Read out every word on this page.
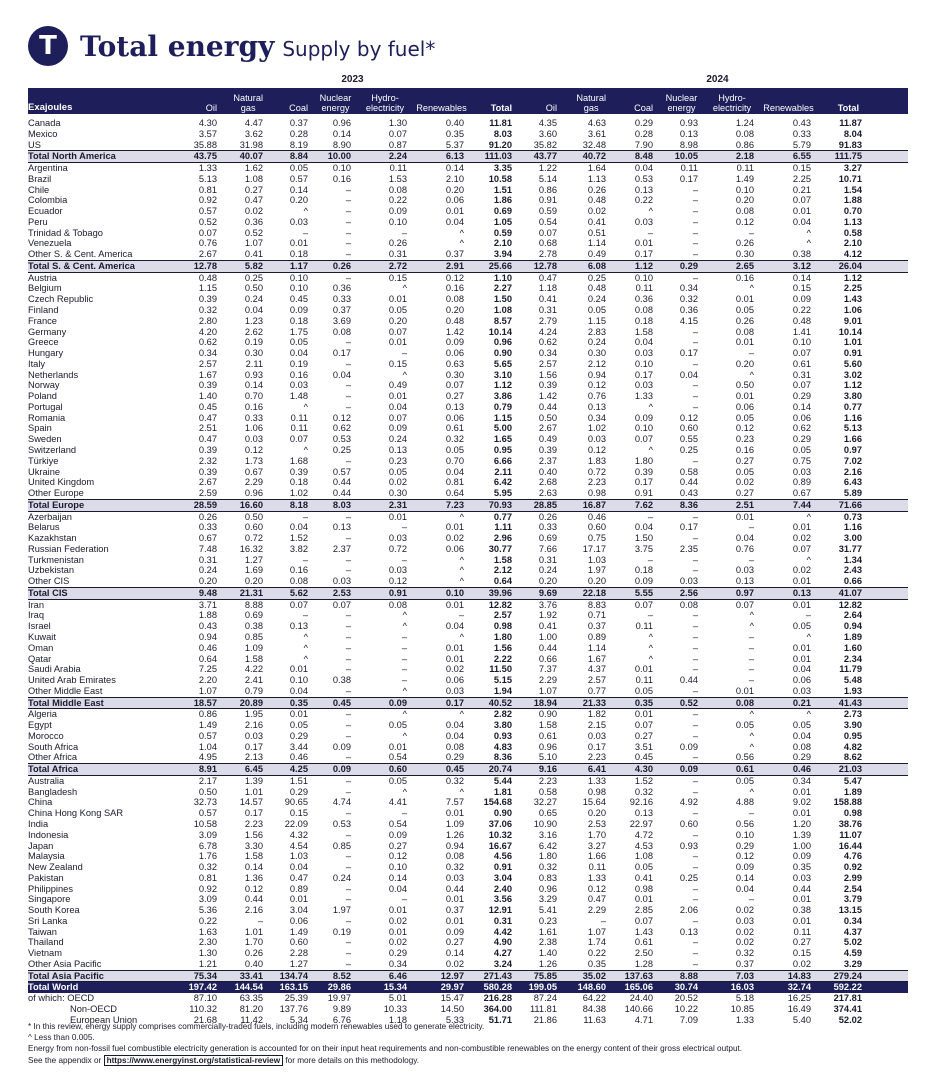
T Total energy Supply by fuel*
2023	2024
Exajoules	Oil
Natural
gas	Coal
Nuclear
energy
Hydro-
electricity	Renewables	Total	Oil
Natural
gas	Coal
Nuclear
energy
Hydro-
electricity	Renewables	Total
Canada	4.30	4.47	0.37	0.96	1.30	0.40	11.81	4.35	4.63	0.29	0.93	1.24	0.43	11.87
Mexico	3.57	3.62	0.28	0.14	0.07	0.35	8.03	3.60	3.61	0.28	0.13	0.08	0.33	8.04
US	35.88	31.98	8.19	8.90	0.87	5.37	91.20	35.82	32.48	7.90	8.98	0.86	5.79	91.83
Total North America	43.75	40.07	8.84	10.00	2.24	6.13	111.03	43.77	40.72	8.48	10.05	2.18	6.55	111.75
Argentina	1.33	1.62	0.05	0.10	0.11	0.14	3.35	1.22	1.64	0.04	0.11	0.11	0.15	3.27
Brazil	5.13	1.08	0.57	0.16	1.53	2.10	10.58	5.14	1.13	0.53	0.17	1.49	2.25	10.71
Chile	0.81	0.27	0.14	–	0.08	0.20	1.51	0.86	0.26	0.13	–	0.10	0.21	1.54
Colombia	0.92	0.47	0.20	–	0.22	0.06	1.86	0.91	0.48	0.22	–	0.20	0.07	1.88
Ecuador	0.57	0.02	^	–	0.09	0.01	0.69	0.59	0.02	^	–	0.08	0.01	0.70
Peru	0.52	0.36	0.03	–	0.10	0.04	1.05	0.54	0.41	0.03	–	0.12	0.04	1.13
Trinidad & Tobago	0.07	0.52	–	–	–	^	0.59	0.07	0.51	–	–	–	^	0.58
Venezuela	0.76	1.07	0.01	–	0.26	^	2.10	0.68	1.14	0.01	–	0.26	^	2.10
Other S. & Cent. America	2.67	0.41	0.18	–	0.31	0.37	3.94	2.78	0.49	0.17	–	0.30	0.38	4.12
Total S. & Cent. America	12.78	5.82	1.17	0.26	2.72	2.91	25.66	12.78	6.08	1.12	0.29	2.65	3.12	26.04
Austria	0.48	0.25	0.10	–	0.15	0.12	1.10	0.47	0.25	0.10	–	0.16	0.14	1.12
Belgium	1.15	0.50	0.10	0.36	^	0.16	2.27	1.18	0.48	0.11	0.34	^	0.15	2.25
Czech Republic	0.39	0.24	0.45	0.33	0.01	0.08	1.50	0.41	0.24	0.36	0.32	0.01	0.09	1.43
Finland	0.32	0.04	0.09	0.37	0.05	0.20	1.08	0.31	0.05	0.08	0.36	0.05	0.22	1.06
France	2.80	1.23	0.18	3.69	0.20	0.48	8.57	2.79	1.15	0.18	4.15	0.26	0.48	9.01
Germany	4.20	2.62	1.75	0.08	0.07	1.42	10.14	4.24	2.83	1.58	–	0.08	1.41	10.14
Greece	0.62	0.19	0.05	–	0.01	0.09	0.96	0.62	0.24	0.04	–	0.01	0.10	1.01
Hungary	0.34	0.30	0.04	0.17	–	0.06	0.90	0.34	0.30	0.03	0.17	–	0.07	0.91
Italy	2.57	2.11	0.19	–	0.15	0.63	5.65	2.57	2.12	0.10	–	0.20	0.61	5.60
Netherlands	1.67	0.93	0.16	0.04	^	0.30	3.10	1.56	0.94	0.17	0.04	^	0.31	3.02
Norway	0.39	0.14	0.03	–	0.49	0.07	1.12	0.39	0.12	0.03	–	0.50	0.07	1.12
Poland	1.40	0.70	1.48	–	0.01	0.27	3.86	1.42	0.76	1.33	–	0.01	0.29	3.80
Portugal	0.45	0.16	^	–	0.04	0.13	0.79	0.44	0.13	^	–	0.06	0.14	0.77
Romania	0.47	0.33	0.11	0.12	0.07	0.06	1.15	0.50	0.34	0.09	0.12	0.05	0.06	1.16
Spain	2.51	1.06	0.11	0.62	0.09	0.61	5.00	2.67	1.02	0.10	0.60	0.12	0.62	5.13
Sweden	0.47	0.03	0.07	0.53	0.24	0.32	1.65	0.49	0.03	0.07	0.55	0.23	0.29	1.66
Switzerland	0.39	0.12	^	0.25	0.13	0.05	0.95	0.39	0.12	^	0.25	0.16	0.05	0.97
Türkiye	2.32	1.73	1.68	–	0.23	0.70	6.66	2.37	1.83	1.80	–	0.27	0.75	7.02
Ukraine	0.39	0.67	0.39	0.57	0.05	0.04	2.11	0.40	0.72	0.39	0.58	0.05	0.03	2.16
United Kingdom	2.67	2.29	0.18	0.44	0.02	0.81	6.42	2.68	2.23	0.17	0.44	0.02	0.89	6.43
Other Europe	2.59	0.96	1.02	0.44	0.30	0.64	5.95	2.63	0.98	0.91	0.43	0.27	0.67	5.89
Total Europe	28.59	16.60	8.18	8.03	2.31	7.23	70.93	28.85	16.87	7.62	8.36	2.51	7.44	71.66
Azerbaijan	0.26	0.50	–	–	0.01	^	0.77	0.26	0.46	–	–	0.01	^	0.73
Belarus	0.33	0.60	0.04	0.13	–	0.01	1.11	0.33	0.60	0.04	0.17	–	0.01	1.16
Kazakhstan	0.67	0.72	1.52	–	0.03	0.02	2.96	0.69	0.75	1.50	–	0.04	0.02	3.00
Russian Federation	7.48	16.32	3.82	2.37	0.72	0.06	30.77	7.66	17.17	3.75	2.35	0.76	0.07	31.77
Turkmenistan	0.31	1.27	–	–	–	^	1.58	0.31	1.03	–	–	–	^	1.34
Uzbekistan	0.24	1.69	0.16	–	0.03	^	2.12	0.24	1.97	0.18	–	0.03	0.02	2.43
Other CIS	0.20	0.20	0.08	0.03	0.12	^	0.64	0.20	0.20	0.09	0.03	0.13	0.01	0.66
Total CIS	9.48	21.31	5.62	2.53	0.91	0.10	39.96	9.69	22.18	5.55	2.56	0.97	0.13	41.07
Iran	3.71	8.88	0.07	0.07	0.08	0.01	12.82	3.76	8.83	0.07	0.08	0.07	0.01	12.82
Iraq	1.88	0.69	–	–	^	–	2.57	1.92	0.71	–	–	^	–	2.64
Israel	0.43	0.38	0.13	–	^	0.04	0.98	0.41	0.37	0.11	–	^	0.05	0.94
Kuwait	0.94	0.85	^	–	–	^	1.80	1.00	0.89	^	–	–	^	1.89
Oman	0.46	1.09	^	–	–	0.01	1.56	0.44	1.14	^	–	–	0.01	1.60
Qatar	0.64	1.58	^	–	–	0.01	2.22	0.66	1.67	^	–	–	0.01	2.34
Saudi Arabia	7.25	4.22	0.01	–	–	0.02	11.50	7.37	4.37	0.01	–	–	0.04	11.79
United Arab Emirates	2.20	2.41	0.10	0.38	–	0.06	5.15	2.29	2.57	0.11	0.44	–	0.06	5.48
Other Middle East	1.07	0.79	0.04	–	^	0.03	1.94	1.07	0.77	0.05	–	0.01	0.03	1.93
Total Middle East	18.57	20.89	0.35	0.45	0.09	0.17	40.52	18.94	21.33	0.35	0.52	0.08	0.21	41.43
Algeria	0.86	1.95	0.01	–	^	^	2.82	0.90	1.82	0.01	–	^	^	2.73
Egypt	1.49	2.16	0.05	–	0.05	0.04	3.80	1.58	2.15	0.07	–	0.05	0.05	3.90
Morocco	0.57	0.03	0.29	–	^	0.04	0.93	0.61	0.03	0.27	–	^	0.04	0.95
South Africa	1.04	0.17	3.44	0.09	0.01	0.08	4.83	0.96	0.17	3.51	0.09	^	0.08	4.82
Other Africa	4.95	2.13	0.46	–	0.54	0.29	8.36	5.10	2.23	0.45	–	0.56	0.29	8.62
Total Africa	8.91	6.45	4.25	0.09	0.60	0.45	20.74	9.16	6.41	4.30	0.09	0.61	0.46	21.03
Australia	2.17	1.39	1.51	–	0.05	0.32	5.44	2.23	1.33	1.52	–	0.05	0.34	5.47
Bangladesh	0.50	1.01	0.29	–	^	^	1.81	0.58	0.98	0.32	–	^	0.01	1.89
China	32.73	14.57	90.65	4.74	4.41	7.57	154.68	32.27	15.64	92.16	4.92	4.88	9.02	158.88
China Hong Kong SAR	0.57	0.17	0.15	–	–	0.01	0.90	0.65	0.20	0.13	–	–	0.01	0.98
India	10.58	2.23	22.09	0.53	0.54	1.09	37.06	10.90	2.53	22.97	0.60	0.56	1.20	38.76
Indonesia	3.09	1.56	4.32	–	0.09	1.26	10.32	3.16	1.70	4.72	–	0.10	1.39	11.07
Japan	6.78	3.30	4.54	0.85	0.27	0.94	16.67	6.42	3.27	4.53	0.93	0.29	1.00	16.44
Malaysia	1.76	1.58	1.03	–	0.12	0.08	4.56	1.80	1.66	1.08	–	0.12	0.09	4.76
New Zealand	0.32	0.14	0.04	–	0.10	0.32	0.91	0.32	0.11	0.05	–	0.09	0.35	0.92
Pakistan	0.81	1.36	0.47	0.24	0.14	0.03	3.04	0.83	1.33	0.41	0.25	0.14	0.03	2.99
Philippines	0.92	0.12	0.89	–	0.04	0.44	2.40	0.96	0.12	0.98	–	0.04	0.44	2.54
Singapore	3.09	0.44	0.01	–	–	0.01	3.56	3.29	0.47	0.01	–	–	0.01	3.79
South Korea	5.36	2.16	3.04	1.97	0.01	0.37	12.91	5.41	2.29	2.85	2.06	0.02	0.38	13.15
Sri Lanka	0.22	–	0.06	–	0.02	0.01	0.31	0.23	–	0.07	–	0.03	0.01	0.34
Taiwan	1.63	1.01	1.49	0.19	0.01	0.09	4.42	1.61	1.07	1.43	0.13	0.02	0.11	4.37
Thailand	2.30	1.70	0.60	–	0.02	0.27	4.90	2.38	1.74	0.61	–	0.02	0.27	5.02
Vietnam	1.30	0.26	2.28	–	0.29	0.14	4.27	1.40	0.22	2.50	–	0.32	0.15	4.59
Other Asia Pacific	1.21	0.40	1.27	–	0.34	0.02	3.24	1.26	0.35	1.28	–	0.37	0.02	3.29
Total Asia Pacific	75.34	33.41	134.74	8.52	6.46	12.97	271.43	75.85	35.02	137.63	8.88	7.03	14.83	279.24
Total World	197.42	144.54	163.15	29.86	15.34	29.97	580.28	199.05	148.60	165.06	30.74	16.03	32.74	592.22
of which: OECD	87.10	63.35	25.39	19.97	5.01	15.47	216.28	87.24	64.22	24.40	20.52	5.18	16.25	217.81
Non-OECD	110.32	81.20	137.76	9.89	10.33	14.50	364.00	111.81	84.38	140.66	10.22	10.85	16.49	374.41
European Union	21.68	11.42	5.34	6.76	1.18	5.33	51.71	21.86	11.63	4.71	7.09	1.33	5.40	52.02
* In this review, energy supply comprises commercially-traded fuels, including modern renewables used to generate electricity.
^ Less than 0.005.
Energy from non-fossil fuel combustible electricity generation is accounted for on their input heat requirements and non-combustible renewables on the energy content of their gross electrical output.
See the appendix or https://www.energyinst.org/statistical-review for more details on this methodology.
